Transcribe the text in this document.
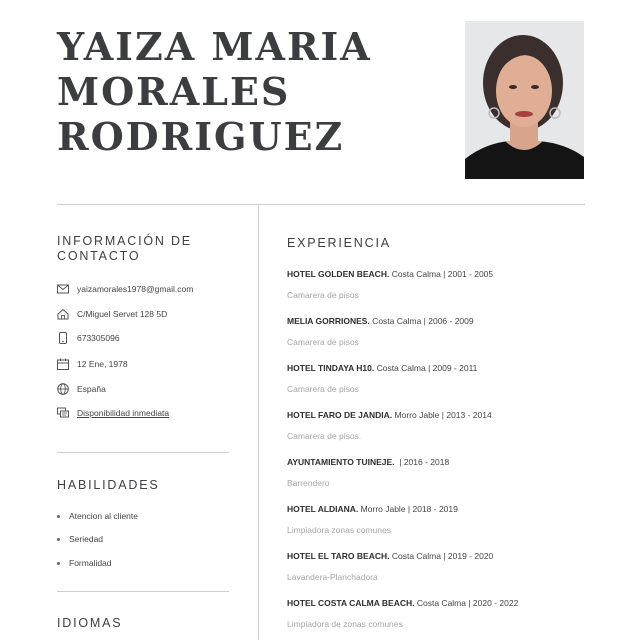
YAIZA MARIA
MORALES
RODRIGUEZ
INFORMACIÓN DE CONTACTO
yaizamorales1978@gmail.com
C/Miguel Servet 128 5D
673305096
12 Ene, 1978
España
Disponibilidad inmediata
HABILIDADES
Atencion al cliente
Seriedad
Formalidad
IDIOMAS
EXPERIENCIA
HOTEL GOLDEN BEACH. Costa Calma | 2001 - 2005
Camarera de pisos
MELIA GORRIONES. Costa Calma | 2006 - 2009
Camarera de pisos
HOTEL TINDAYA H10. Costa Calma | 2009 - 2011
Camarera de pisos
HOTEL FARO DE JANDIA. Morro Jable | 2013 - 2014
Camarera de pisos.
AYUNTAMIENTO TUINEJE.  | 2016 - 2018
Barrendero
HOTEL ALDIANA. Morro Jable | 2018 - 2019
Limpiadora zonas comunes
HOTEL EL TARO BEACH. Costa Calma | 2019 - 2020
Lavandera-Planchadora
HOTEL COSTA CALMA BEACH. Costa Calma | 2020 - 2022
Limpiadora de zonas comunes
